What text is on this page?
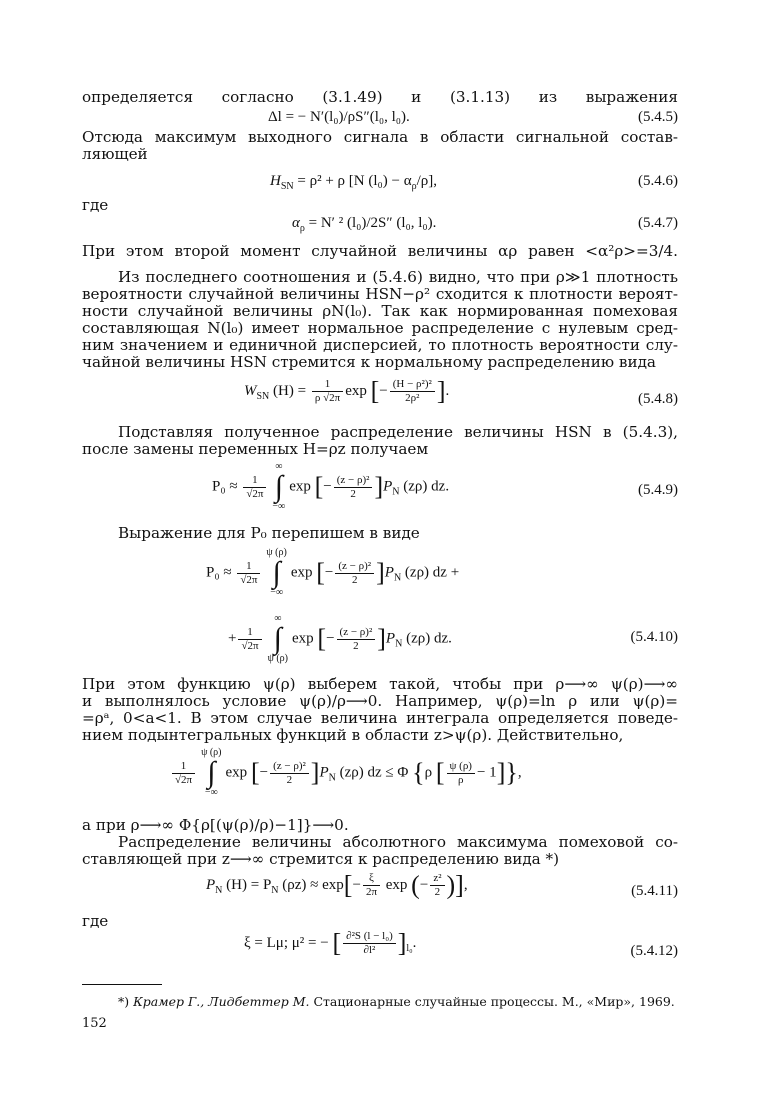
определяется согласно (3.1.49) и (3.1.13) из выражения
Δl = − N′(l₀)/ρS″(l₀, l₀).	(5.4.5)
Отсюда максимум выходного сигнала в области сигнальной состав-
ляющей
$H_{SN} = \rho^2 + \rho$ [N $(l_0) - \alpha_\rho/\rho$],	(5.4.6)
где
$\alpha_\rho = N'$ ² (l₀)/2S″ (l₀, l₀).	(5.4.7)
При этом второй момент случайной величины αρ равен <α²ρ>=3/4.
Из последнего соотношения и (5.4.6) видно, что при ρ≫1 плотность
вероятности случайной величины HSN−ρ² сходится к плотности вероят-
ности случайной величины ρN(l₀). Так как нормированная помеховая
составляющая N(l₀) имеет нормальное распределение с нулевым сред-
ним значением и единичной дисперсией, то плотность вероятности слу-
чайной величины HSN стремится к нормальному распределению вида
$W_{SN}$ $(H) = \frac{1}{\rho √2\pi}$ exp [− $\frac{\text{(H − ρ²)²}}{\text{2ρ²}}$ ].
(5.4.8)
Подставляя полученное распределение величины HSN в (5.4.3),
после замены переменных H=ρz получаем
$P_0 \approx \frac{1}{√2\pi}$
∞
∫
−∞
exp [− $\frac{\text{(z − ρ)²}}{2} ]P_N$ (zρ) dz.	(5.4.9)
Выражение для P₀ перепишем в виде
$P_0 \approx \frac{1}{√2\pi}$
ψ (ρ)
∫
−∞
exp [− $\frac{\text{(z − ρ)²}}{2} ]P_N$ (zρ) dz +
+ $\frac{1}{√2\pi}$
∞
∫
ψ (ρ)
exp [− $\frac{\text{(z − ρ)²}}{2} ]P_N$ (zρ) dz.	(5.4.10)
При этом функцию ψ(ρ) выберем такой, чтобы при ρ⟶∞ ψ(ρ)⟶∞
и выполнялось условие ψ(ρ)/ρ⟶0. Например, ψ(ρ)=ln ρ или ψ(ρ)=
=ρᵃ, 0<a<1. В этом случае величина интеграла определяется поведе-
нием подынтегральных функций в области z>ψ(ρ). Действительно,
$\frac{1}{√2\pi}$
ψ (ρ)
∫
−∞
exp [− $\frac{\text{(z − ρ)²}}{2} ]P_N$ (zρ) dz ≤ Φ {ρ [ $\frac{\psi (\rho)}{\rho} - 1$]},
а при ρ⟶∞ Φ{ρ[(ψ(ρ)/ρ)−1]}⟶0.
Распределение величины абсолютного максимума помеховой со-
ставляющей при z⟶∞ стремится к распределению вида *)
$P_N$ $(H) = P_N$ $(\rho z) \approx \exp[- \frac{\xi}{2\pi}$ exp (− $\frac{\text{z²}}{2}$ )],	(5.4.11)
где
ξ = Lμ; μ² = − [ $\frac{\text{∂²S (l − l₀)}}{\text{∂l²}} ]_{l_0}$.
(5.4.12)
*) Крамер Г., Лидбеттер М. Стационарные случайные процессы. М., «Мир», 1969.
152
